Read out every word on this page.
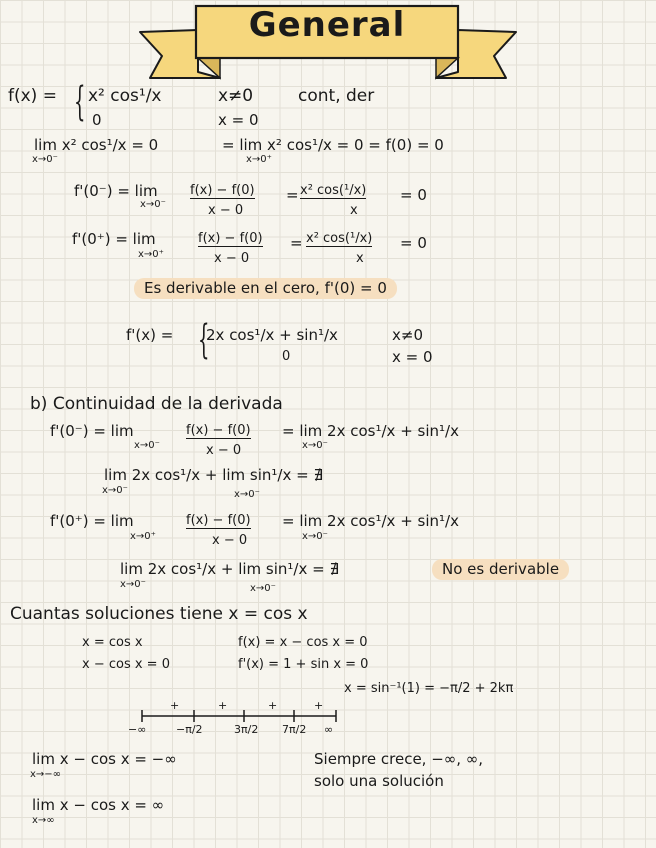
General
f(x) = { x² cos¹/x	x≠0	cont, der
0	x = 0
lim x² cos¹/x = 0
x→0⁻
= lim x² cos¹/x = 0 = f(0) = 0
x→0⁺
f'(0⁻) = lim
x→0⁻
f(x) − f(0)
x − 0
= x² cos(¹/x)
x
= 0
f'(0⁺) = lim
x→0⁺
f(x) − f(0)
x − 0
= x² cos(¹/x)
x
= 0
Es derivable en el cero, f'(0) = 0
f'(x) = {
2x cos¹/x + sin¹/x	x≠0
0	x = 0
b) Continuidad de la derivada
f'(0⁻) = lim
x→0⁻
f(x) − f(0)
x − 0
= lim 2x cos¹/x + sin¹/x
x→0⁻
lim 2x cos¹/x + lim sin¹/x = ∄
x→0⁻	x→0⁻
f'(0⁺) = lim
x→0⁺
f(x) − f(0)
x − 0
= lim 2x cos¹/x + sin¹/x
x→0⁻
lim 2x cos¹/x + lim sin¹/x = ∄
x→0⁻	x→0⁻
No es derivable
Cuantas soluciones tiene x = cos x
x = cos x
x − cos x = 0
f(x) = x − cos x = 0
f'(x) = 1 + sin x = 0
x = sin⁻¹(1) = −π/2 + 2kπ
+	+	+	+
−∞	−π/2	3π/2 7π/2 ∞
lim x − cos x = −∞
x→−∞
lim x − cos x = ∞
x→∞
Siempre crece, −∞, ∞,
solo una solución
